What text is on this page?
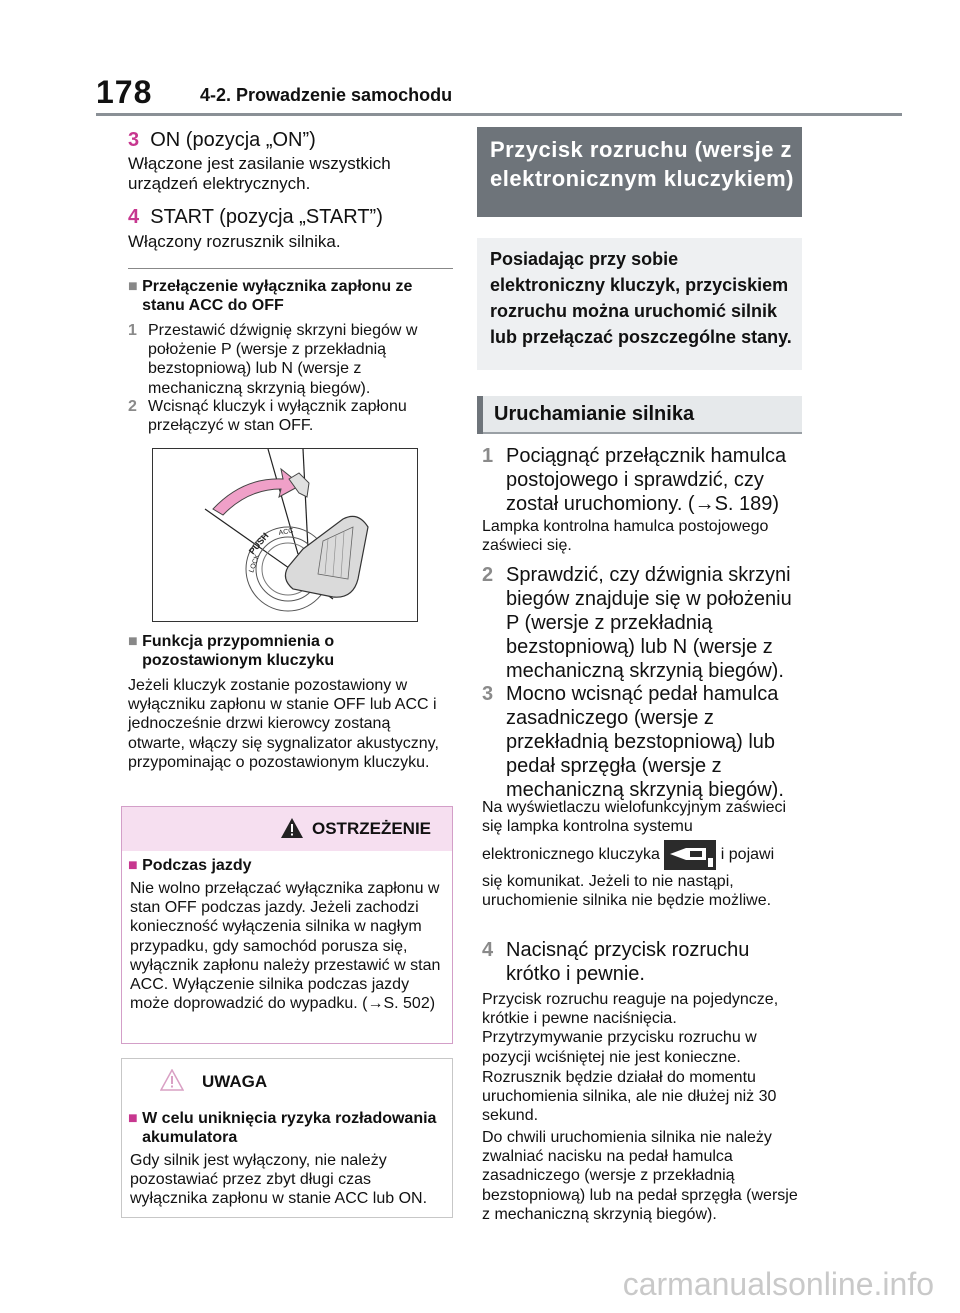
178	4-2. Prowadzenie samochodu
3 ON (pozycja „ON”)
Włączone jest zasilanie wszystkich urządzeń elektrycznych.
4 START (pozycja „START”)
Włączony rozrusznik silnika.
■ Przełączenie wyłącznika zapłonu ze stanu ACC do OFF
1 Przestawić dźwignię skrzyni biegów w położenie P (wersje z przekładnią bezstopniową) lub N (wersje z mechaniczną skrzynią biegów).
2 Wcisnąć kluczyk i wyłącznik zapłonu przełączyć w stan OFF.
PUSH ACC
LOCK
■ Funkcja przypomnienia o pozostawionym kluczyku
Jeżeli kluczyk zostanie pozostawiony w wyłączniku zapłonu w stanie OFF lub ACC i jednocześnie drzwi kierowcy zostaną otwarte, włączy się sygnalizator akustyczny, przypominając o pozostawionym kluczyku.
OSTRZEŻENIE
■ Podczas jazdy
Nie wolno przełączać wyłącznika zapłonu w stan OFF podczas jazdy. Jeżeli zachodzi konieczność wyłączenia silnika w nagłym przypadku, gdy samochód porusza się, wyłącznik zapłonu należy przestawić w stan ACC. Wyłączenie silnika podczas jazdy może doprowadzić do wypadku. (→S. 502)
UWAGA
■ W celu uniknięcia ryzyka rozładowania akumulatora
Gdy silnik jest wyłączony, nie należy pozostawiać przez zbyt długi czas wyłącznika zapłonu w stanie ACC lub ON.
Przycisk rozruchu (wersje z elektronicznym kluczykiem)
Posiadając przy sobie elektroniczny kluczyk, przyciskiem rozruchu można uruchomić silnik lub przełączać poszczególne stany.
Uruchamianie silnika
1 Pociągnąć przełącznik hamulca postojowego i sprawdzić, czy został uruchomiony. (→S. 189)
Lampka kontrolna hamulca postojowego zaświeci się.
2 Sprawdzić, czy dźwignia skrzyni biegów znajduje się w położeniu P (wersje z przekładnią bezstopniową) lub N (wersje z mechaniczną skrzynią biegów).
3 Mocno wcisnąć pedał hamulca zasadniczego (wersje z przekładnią bezstopniową) lub pedał sprzęgła (wersje z mechaniczną skrzynią biegów).
Na wyświetlaczu wielofunkcyjnym zaświeci się lampka kontrolna systemu
elektronicznego kluczyka	i pojawi
się komunikat. Jeżeli to nie nastąpi, uruchomienie silnika nie będzie możliwe.
4 Nacisnąć przycisk rozruchu krótko i pewnie.
Przycisk rozruchu reaguje na pojedyncze, krótkie i pewne naciśnięcia. Przytrzymywanie przycisku rozruchu w pozycji wciśniętej nie jest konieczne.
Rozrusznik będzie działał do momentu uruchomienia silnika, ale nie dłużej niż 30 sekund.
Do chwili uruchomienia silnika nie należy zwalniać nacisku na pedał hamulca zasadniczego (wersje z przekładnią bezstopniową) lub na pedał sprzęgła (wersje z mechaniczną skrzynią biegów).
carmanualsonline.info
